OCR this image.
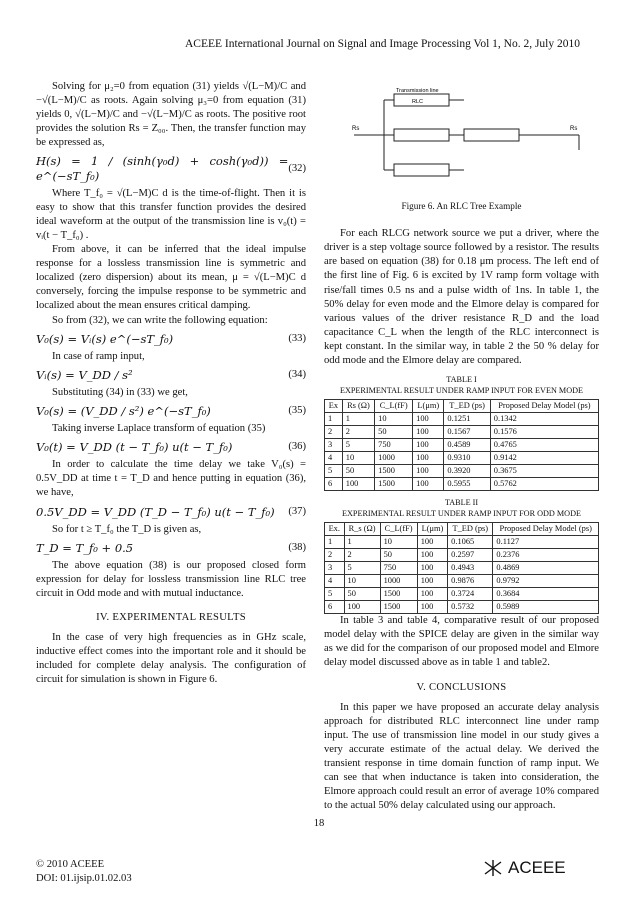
ACEEE International Journal on Signal and Image Processing Vol 1, No. 2, July 2010

Solving for μ₂=0 from equation (31) yields √(L−M)/C and −√(L−M)/C as roots. Again solving μ₃=0 from equation (31) yields 0, √(L−M)/C and −√(L−M)/C as roots. The positive root provides the solution Rs = Z₀₀. Then, the transfer function may be expressed as,

H(s) = 1 / (sinh(γ₀d) + cosh(γ₀d)) = e^(−sT_f₀)
(32)

Where T_f₀ = √(L−M)C d is the time-of-flight. Then it is easy to show that this transfer function provides the desired ideal waveform at the output of the transmission line is v₀(t) = vᵢ(t − T_f₀) .

From above, it can be inferred that the ideal impulse response for a lossless transmission line is symmetric and localized (zero dispersion) about its mean, μ = √(L−M)C d conversely, forcing the impulse response to be symmetric and localized about the mean ensures critical damping.

So from (32), we can write the following equation:

V₀(s) = Vᵢ(s) e^(−sT_f₀)	(33)

In case of ramp input,

Vᵢ(s) = V_DD / s²	(34)

Substituting (34) in (33) we get,

V₀(s) = (V_DD / s²) e^(−sT_f₀)	(35)

Taking inverse Laplace transform of equation (35)

V₀(t) = V_DD (t − T_f₀) u(t − T_f₀)	(36)

In order to calculate the time delay we take V₀(s) = 0.5V_DD at time t = T_D and hence putting in equation (36), we have,

0.5V_DD = V_DD (T_D − T_f₀) u(t − T_f₀) (37)

So for t ≥ T_f₀ the T_D is given as,

T_D = T_f₀ + 0.5	(38)

The above equation (38) is our proposed closed form expression for delay for lossless transmission line RLC tree circuit in Odd mode and with mutual inductance.

IV. EXPERIMENTAL RESULTS

In the case of very high frequencies as in GHz scale, inductive effect comes into the important role and it should be included for complete delay analysis. The configuration of circuit for simulation is shown in Figure 6.

Transmission line
RLC
Rs	Rs
Figure 6. An RLC Tree Example

For each RLCG network source we put a driver, where the driver is a step voltage source followed by a resistor. The results are based on equation (38) for 0.18 μm process. The left end of the first line of Fig. 6 is excited by 1V ramp form voltage with rise/fall times 0.5 ns and a pulse width of 1ns. In table 1, the 50% delay for even mode and the Elmore delay is compared for various values of the driver resistance R_D and the load capacitance C_L when the length of the RLC interconnect is kept constant. In the similar way, in table 2 the 50 % delay for odd mode and the Elmore delay are compared.

TABLE I
EXPERIMENTAL RESULT UNDER RAMP INPUT FOR EVEN MODE
Ex	Rs (Ω)	C_L(fF)	L(μm)	T_ED (ps)	Proposed Delay Model (ps)
1	1	10	100	0.1251	0.1342
2	2	50	100	0.1567	0.1576
3	5	750	100	0.4589	0.4765
4	10	1000	100	0.9310	0.9142
5	50	1500	100	0.3920	0.3675
6	100	1500	100	0.5955	0.5762
TABLE II
EXPERIMENTAL RESULT UNDER RAMP INPUT FOR ODD MODE
Ex.	R_s (Ω)	C_L(fF)	L(μm)	T_ED (ps)	Proposed Delay Model (ps)
1	1	10	100	0.1065	0.1127
2	2	50	100	0.2597	0.2376
3	5	750	100	0.4943	0.4869
4	10	1000	100	0.9876	0.9792
5	50	1500	100	0.3724	0.3684
6	100	1500	100	0.5732	0.5989

In table 3 and table 4, comparative result of our proposed model delay with the SPICE delay are given in the similar way as we did for the comparison of our proposed model and Elmore delay model discussed above as in table 1 and table2.

V. CONCLUSIONS

In this paper we have proposed an accurate delay analysis approach for distributed RLC interconnect line under ramp input. The use of transmission line model in our study gives a very accurate estimate of the actual delay. We derived the transient response in time domain function of ramp input. We can see that when inductance is taken into consideration, the Elmore approach could result an error of average 10% compared to the actual 50% delay calculated using our approach.

18
© 2010 ACEEE
DOI: 01.ijsip.01.02.03
ACEEE
